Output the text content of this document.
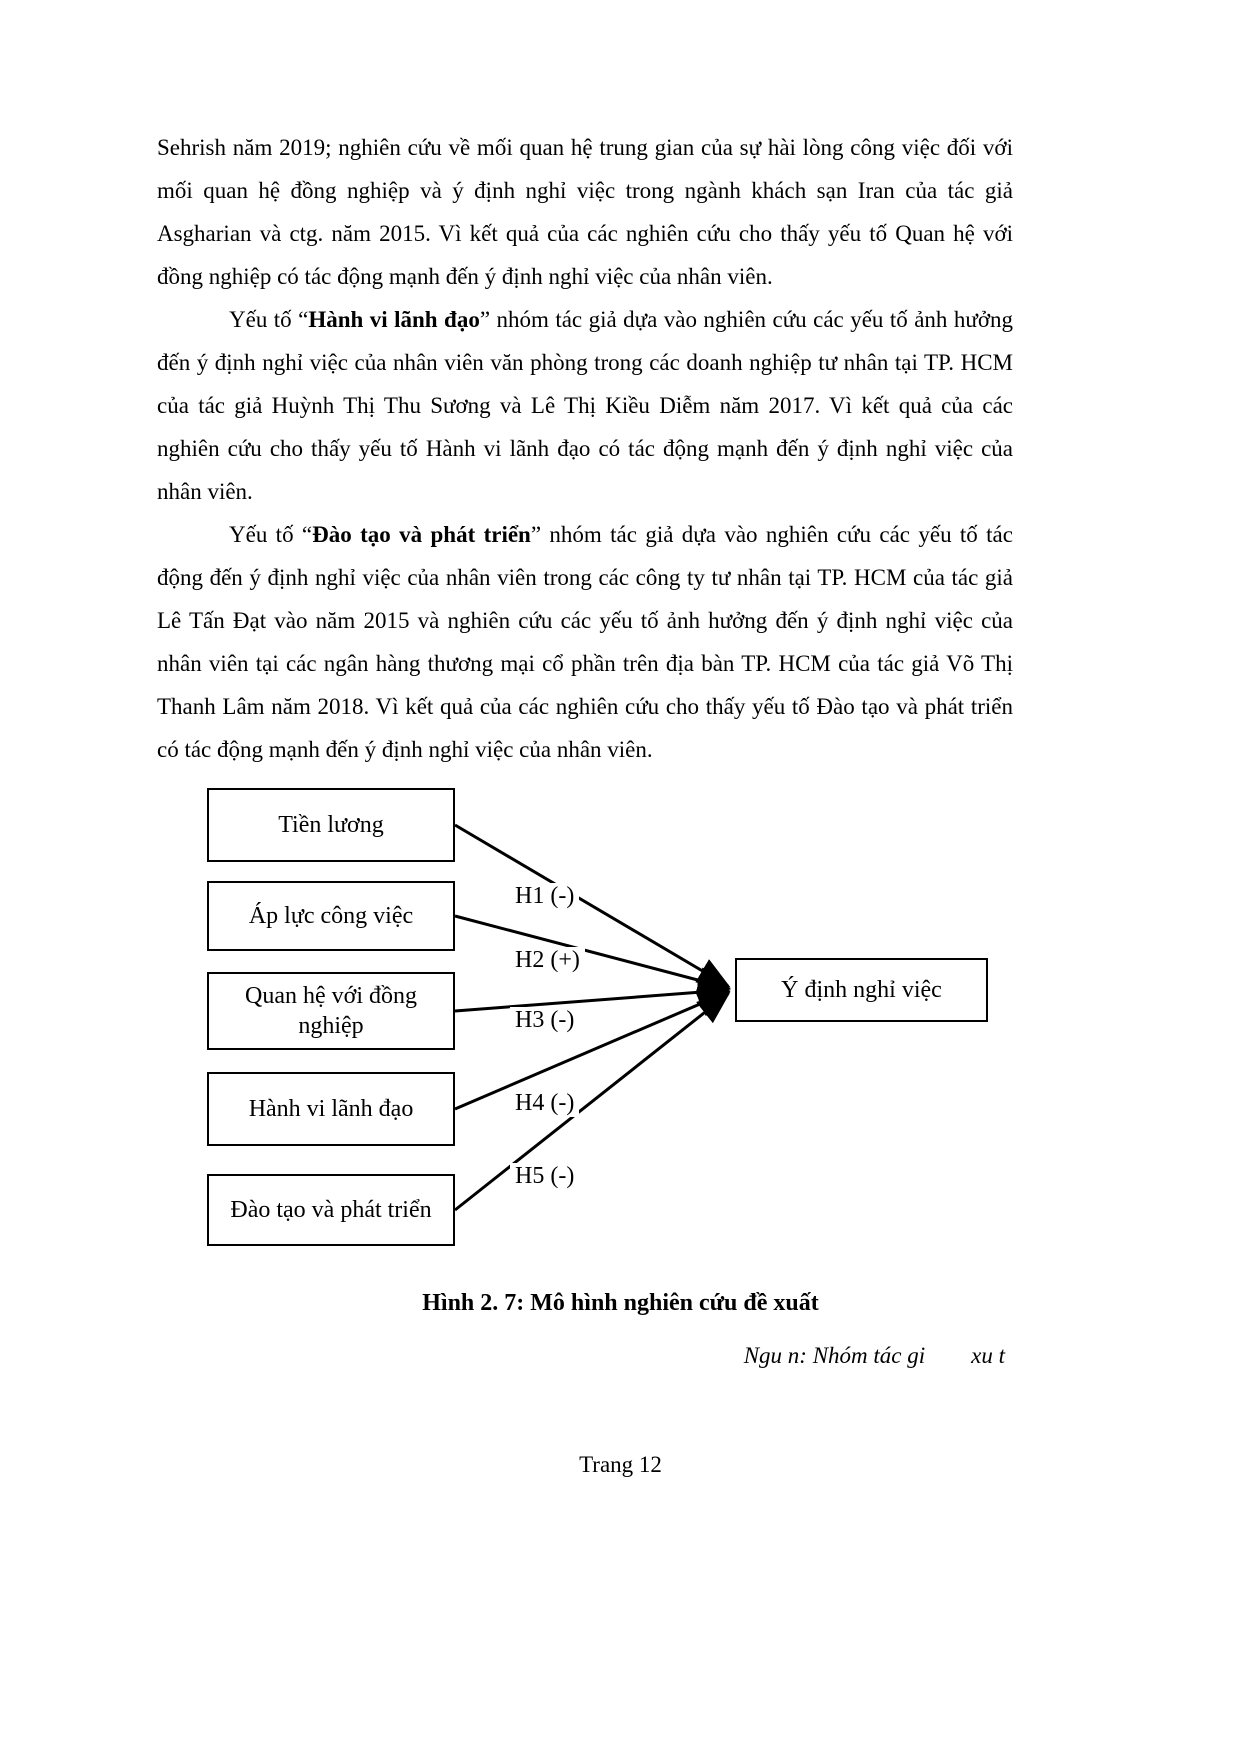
Sehrish năm 2019; nghiên cứu về mối quan hệ trung gian của sự hài lòng công việc đối với mối quan hệ đồng nghiệp và ý định nghỉ việc trong ngành khách sạn Iran của tác giả Asgharian và ctg. năm 2015. Vì kết quả của các nghiên cứu cho thấy yếu tố Quan hệ với đồng nghiệp có tác động mạnh đến ý định nghỉ việc của nhân viên.

Yếu tố “Hành vi lãnh đạo” nhóm tác giả dựa vào nghiên cứu các yếu tố ảnh hưởng đến ý định nghỉ việc của nhân viên văn phòng trong các doanh nghiệp tư nhân tại TP. HCM của tác giả Huỳnh Thị Thu Sương và Lê Thị Kiều Diễm năm 2017. Vì kết quả của các nghiên cứu cho thấy yếu tố Hành vi lãnh đạo có tác động mạnh đến ý định nghỉ việc của nhân viên.

Yếu tố “Đào tạo và phát triển” nhóm tác giả dựa vào nghiên cứu các yếu tố tác động đến ý định nghỉ việc của nhân viên trong các công ty tư nhân tại TP. HCM của tác giả Lê Tấn Đạt vào năm 2015 và nghiên cứu các yếu tố ảnh hưởng đến ý định nghỉ việc của nhân viên tại các ngân hàng thương mại cổ phần trên địa bàn TP. HCM của tác giả Võ Thị Thanh Lâm năm 2018. Vì kết quả của các nghiên cứu cho thấy yếu tố Đào tạo và phát triển có tác động mạnh đến ý định nghỉ việc của nhân viên.

Tiền lương
Áp lực công việc
Quan hệ với đồng nghiệp
Hành vi lãnh đạo
Đào tạo và phát triển
Ý định nghỉ việc
H1 (-)
H2 (+)
H3 (-)
H4 (-)
H5 (-)
Hình 2. 7: Mô hình nghiên cứu đề xuất
Ngu n: Nhóm tác gi        xu t
Trang 12
